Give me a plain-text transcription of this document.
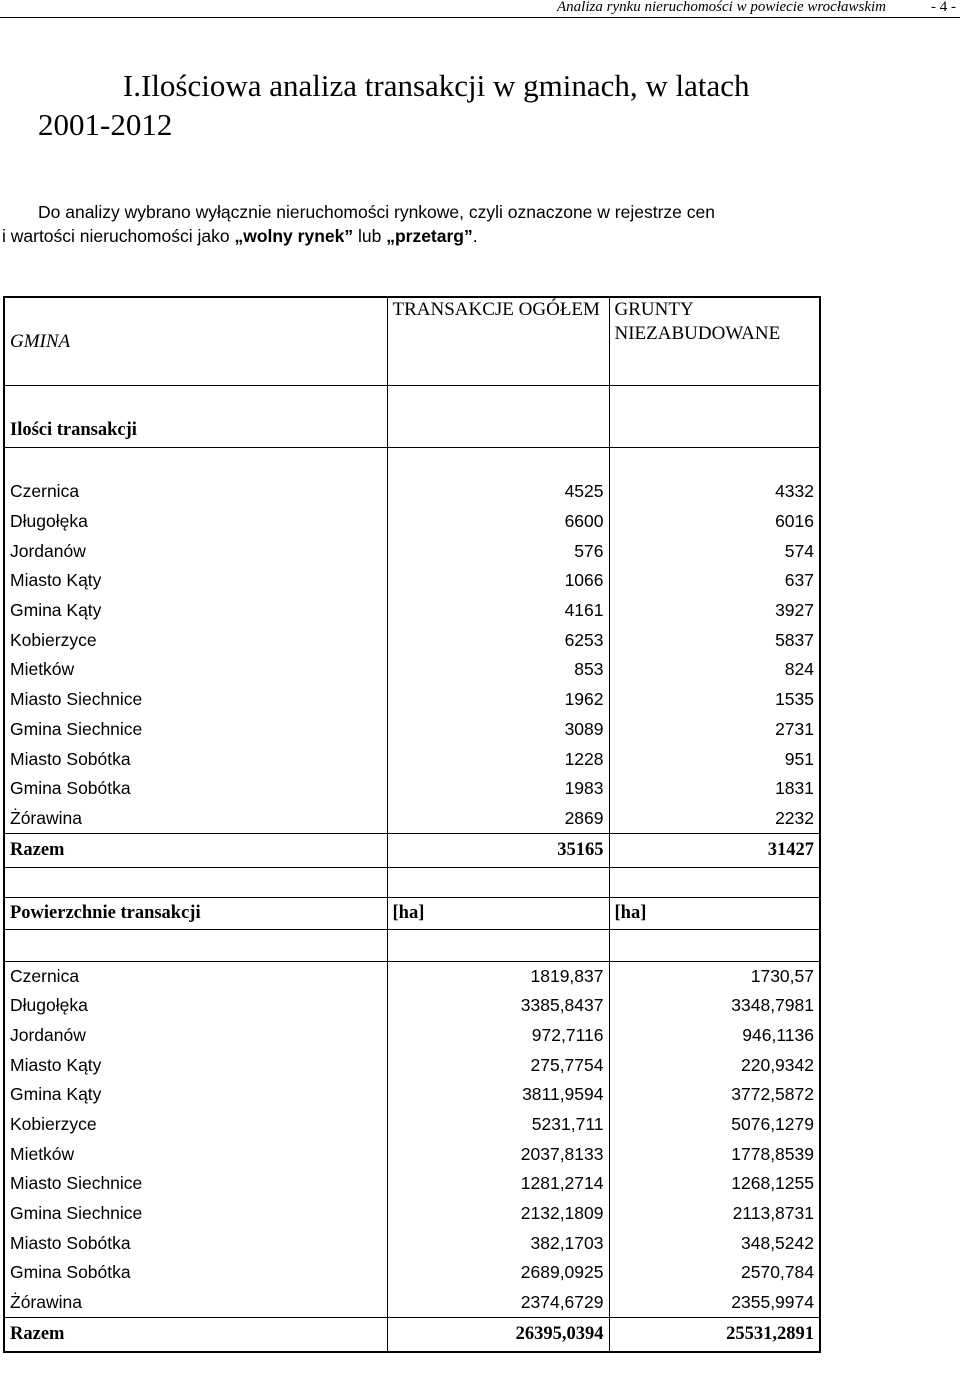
Analiza rynku nieruchomości w powiecie wrocławskim	- 4 -
I.Ilościowa analiza transakcji w gminach, w latach
2001-2012
Do analizy wybrano wyłącznie nieruchomości rynkowe, czyli oznaczone w rejestrze cen
i wartości nieruchomości jako „wolny rynek” lub „przetarg”.
GMINA	TRANSAKCJE OGÓŁEM	GRUNTY NIEZABUDOWANE

Ilości transakcji		

Czernica	4525	4332
Długołęka	6600	6016
Jordanów	576	574
Miasto Kąty	1066	637
Gmina Kąty	4161	3927
Kobierzyce	6253	5837
Mietków	853	824
Miasto Siechnice	1962	1535
Gmina Siechnice	3089	2731
Miasto Sobótka	1228	951
Gmina Sobótka	1983	1831
Żórawina	2869	2232
Razem	35165	31427

Powierzchnie transakcji	[ha]	[ha]

Czernica	1819,837	1730,57
Długołęka	3385,8437	3348,7981
Jordanów	972,7116	946,1136
Miasto Kąty	275,7754	220,9342
Gmina Kąty	3811,9594	3772,5872
Kobierzyce	5231,711	5076,1279
Mietków	2037,8133	1778,8539
Miasto Siechnice	1281,2714	1268,1255
Gmina Siechnice	2132,1809	2113,8731
Miasto Sobótka	382,1703	348,5242
Gmina Sobótka	2689,0925	2570,784
Żórawina	2374,6729	2355,9974
Razem	26395,0394	25531,2891
